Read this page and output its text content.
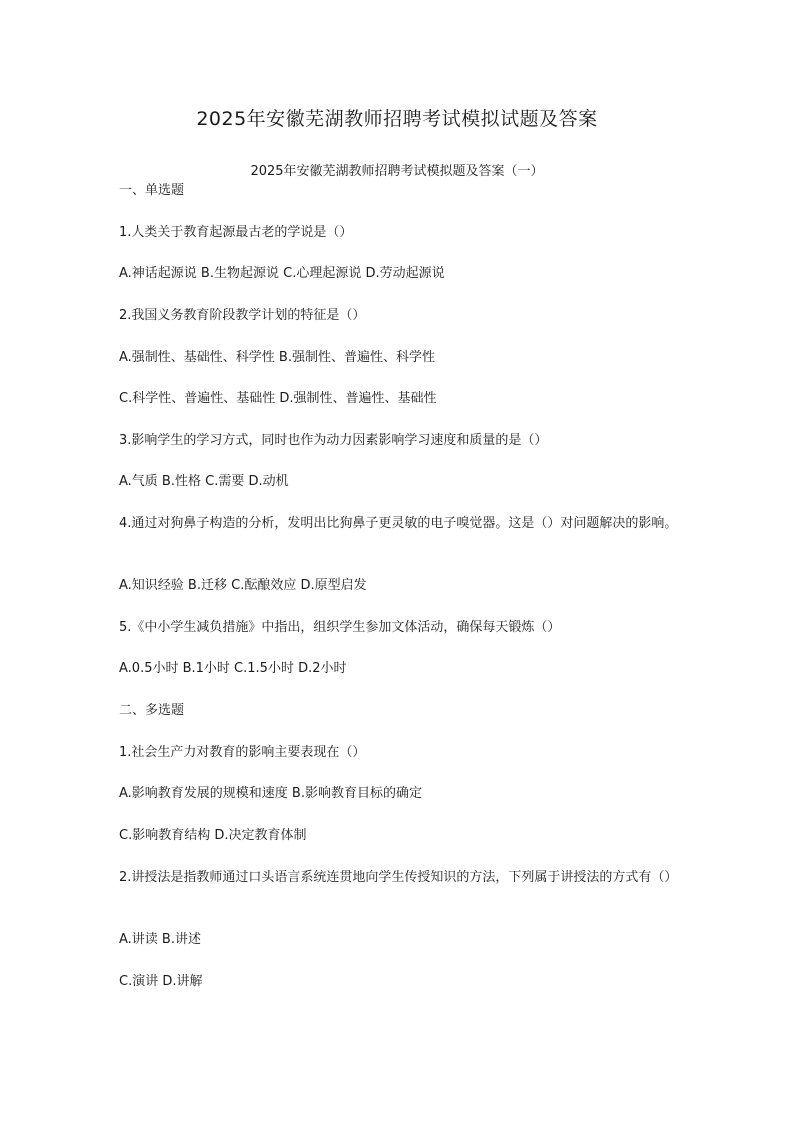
2025年安徽芜湖教师招聘考试模拟试题及答案
2025年安徽芜湖教师招聘考试模拟题及答案（一）

一、单选题

1.人类关于教育起源最古老的学说是（）

A.神话起源说 B.生物起源说 C.心理起源说 D.劳动起源说

2.我国义务教育阶段教学计划的特征是（）

A.强制性、基础性、科学性 B.强制性、普遍性、科学性

C.科学性、普遍性、基础性 D.强制性、普遍性、基础性

3.影响学生的学习方式，同时也作为动力因素影响学习速度和质量的是（）

A.气质 B.性格 C.需要 D.动机

4.通过对狗鼻子构造的分析，发明出比狗鼻子更灵敏的电子嗅觉器。这是（）对问题解决的影响。

A.知识经验 B.迁移 C.酝酿效应 D.原型启发

5.《中小学生减负措施》中指出，组织学生参加文体活动，确保每天锻炼（）

A.0.5小时 B.1小时 C.1.5小时 D.2小时

二、多选题

1.社会生产力对教育的影响主要表现在（）

A.影响教育发展的规模和速度 B.影响教育目标的确定

C.影响教育结构 D.决定教育体制

2.讲授法是指教师通过口头语言系统连贯地向学生传授知识的方法，下列属于讲授法的方式有（）

A.讲读 B.讲述

C.演讲 D.讲解
